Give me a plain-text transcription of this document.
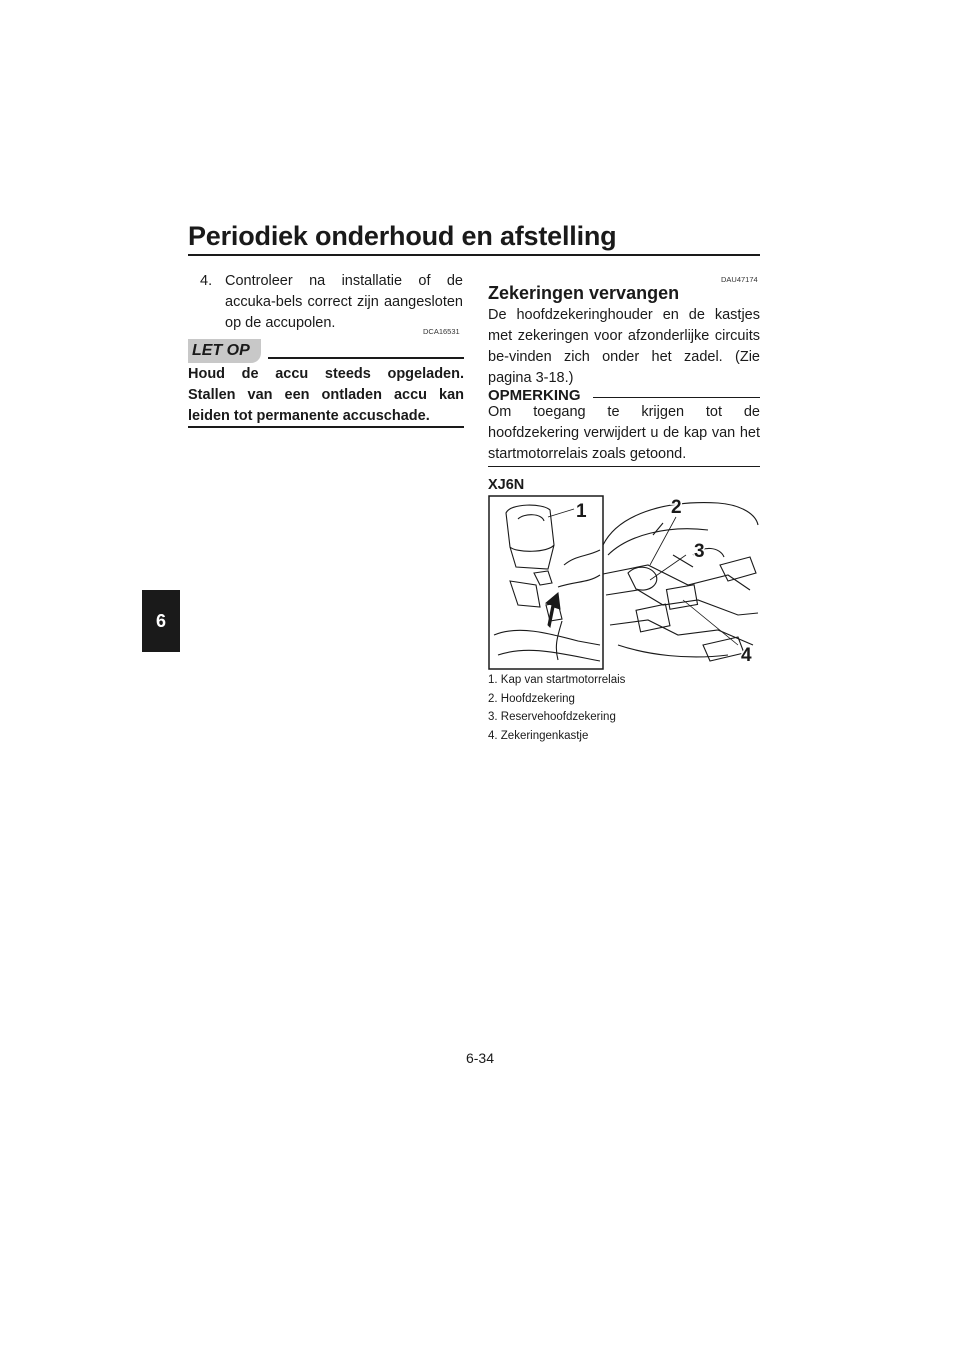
Periodiek onderhoud en afstelling
6
4. Controleer na installatie of de accuka-bels correct zijn aangesloten op de accupolen.
DCA16531
LET OP
Houd de accu steeds opgeladen. Stallen van een ontladen accu kan leiden tot permanente accuschade.
DAU47174
Zekeringen vervangen
De hoofdzekeringhouder en de kastjes met zekeringen voor afzonderlijke circuits be-vinden zich onder het zadel. (Zie pagina 3-18.)
OPMERKING
Om toegang te krijgen tot de hoofdzekering verwijdert u de kap van het startmotorrelais zoals getoond.
XJ6N
1	2
3
4
1. Kap van startmotorrelais
2. Hoofdzekering
3. Reservehoofdzekering
4. Zekeringenkastje
6-34
